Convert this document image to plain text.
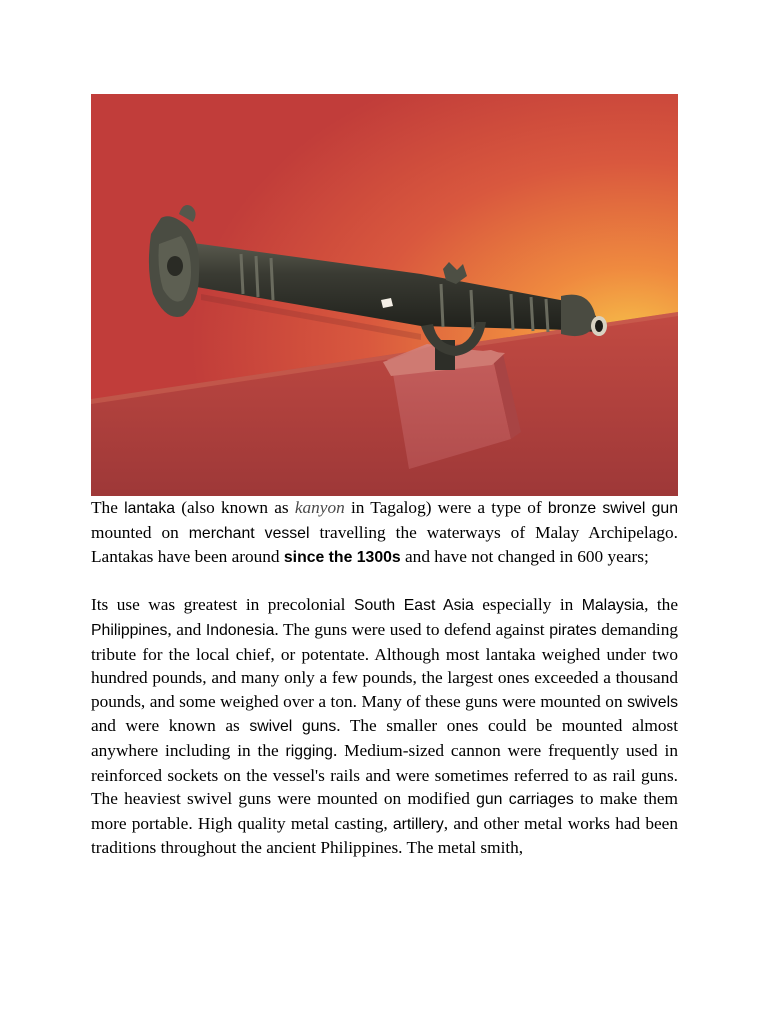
The lantaka (also known as kanyon in Tagalog) were a type of bronze swivel gun mounted on merchant vessel travelling the waterways of Malay Archipelago. Lantakas have been around since the 1300s and have not changed in 600 years;

Its use was greatest in precolonial South East Asia especially in Malaysia, the Philippines, and Indonesia. The guns were used to defend against pirates demanding tribute for the local chief, or potentate. Although most lantaka weighed under two hundred pounds, and many only a few pounds, the largest ones exceeded a thousand pounds, and some weighed over a ton. Many of these guns were mounted on swivels and were known as swivel guns. The smaller ones could be mounted almost anywhere including in the rigging. Medium-sized cannon were frequently used in reinforced sockets on the vessel's rails and were sometimes referred to as rail guns. The heaviest swivel guns were mounted on modified gun carriages to make them more portable. High quality metal casting, artillery, and other metal works had been traditions throughout the ancient Philippines. The metal smith,
